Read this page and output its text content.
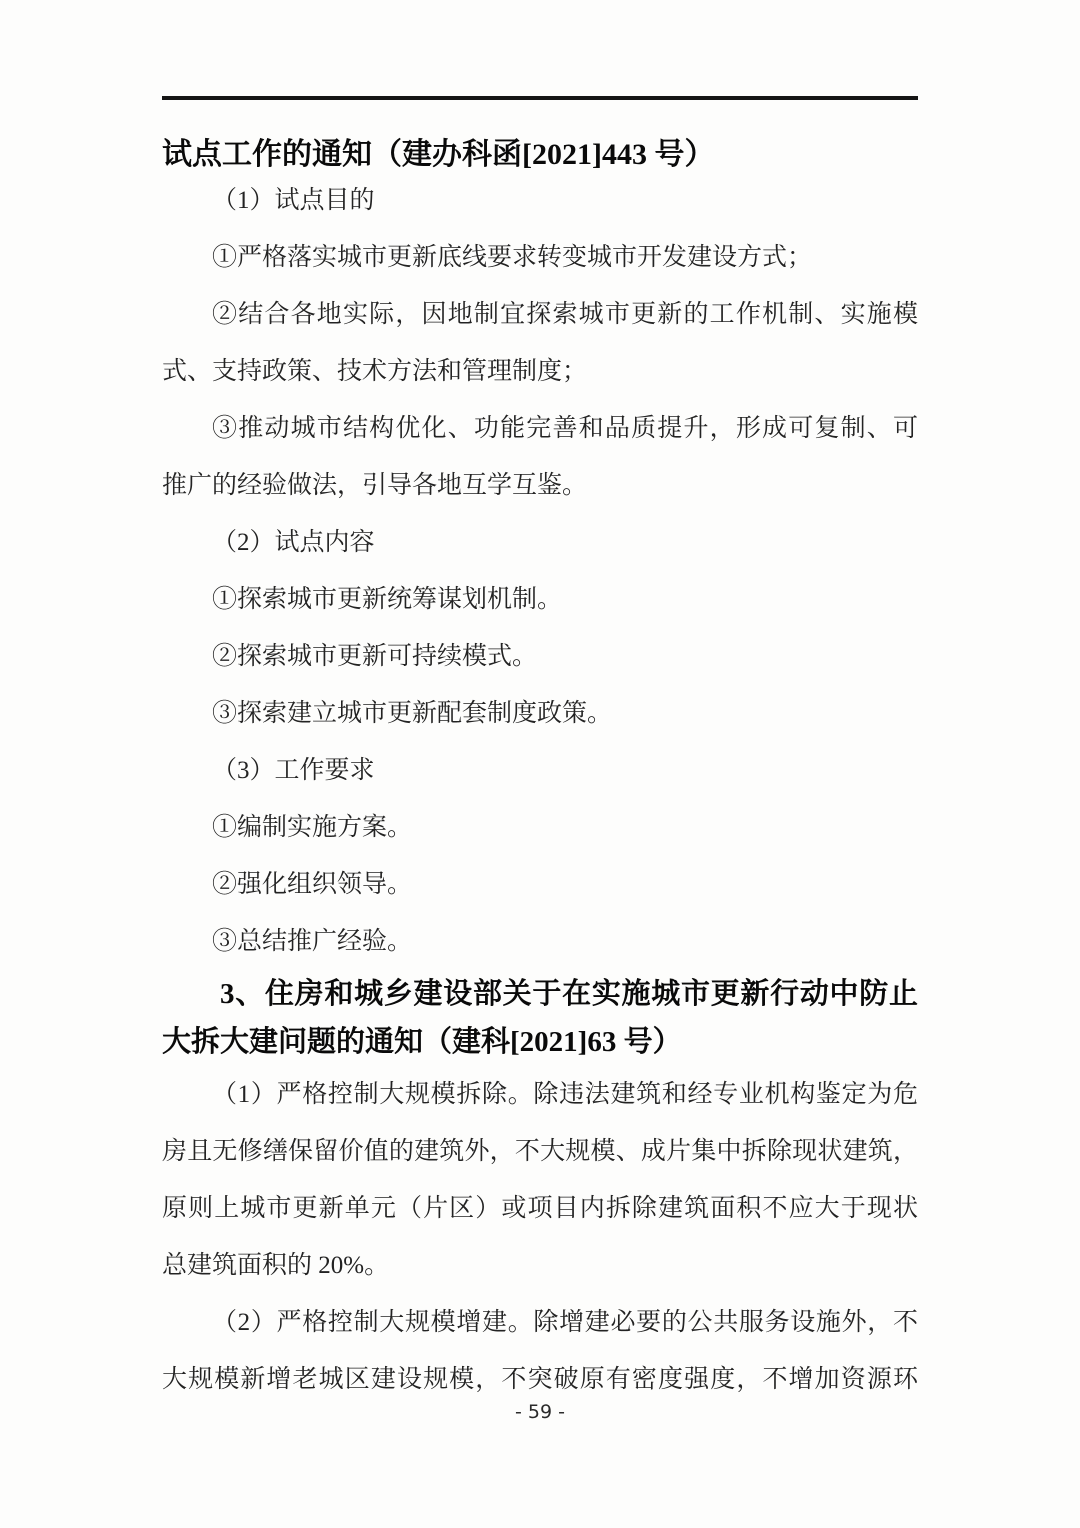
试点工作的通知（建办科函[2021]443 号）
（1）试点目的
①严格落实城市更新底线要求转变城市开发建设方式；
②结合各地实际，因地制宜探索城市更新的工作机制、实施模
式、支持政策、技术方法和管理制度；
③推动城市结构优化、功能完善和品质提升，形成可复制、可
推广的经验做法，引导各地互学互鉴。
（2）试点内容
①探索城市更新统筹谋划机制。
②探索城市更新可持续模式。
③探索建立城市更新配套制度政策。
（3）工作要求
①编制实施方案。
②强化组织领导。
③总结推广经验。
3、住房和城乡建设部关于在实施城市更新行动中防止
大拆大建问题的通知（建科[2021]63 号）
（1）严格控制大规模拆除。除违法建筑和经专业机构鉴定为危
房且无修缮保留价值的建筑外，不大规模、成片集中拆除现状建筑，
原则上城市更新单元（片区）或项目内拆除建筑面积不应大于现状
总建筑面积的 20%。
（2）严格控制大规模增建。除增建必要的公共服务设施外，不
大规模新增老城区建设规模，不突破原有密度强度，不增加资源环
- 59 -
